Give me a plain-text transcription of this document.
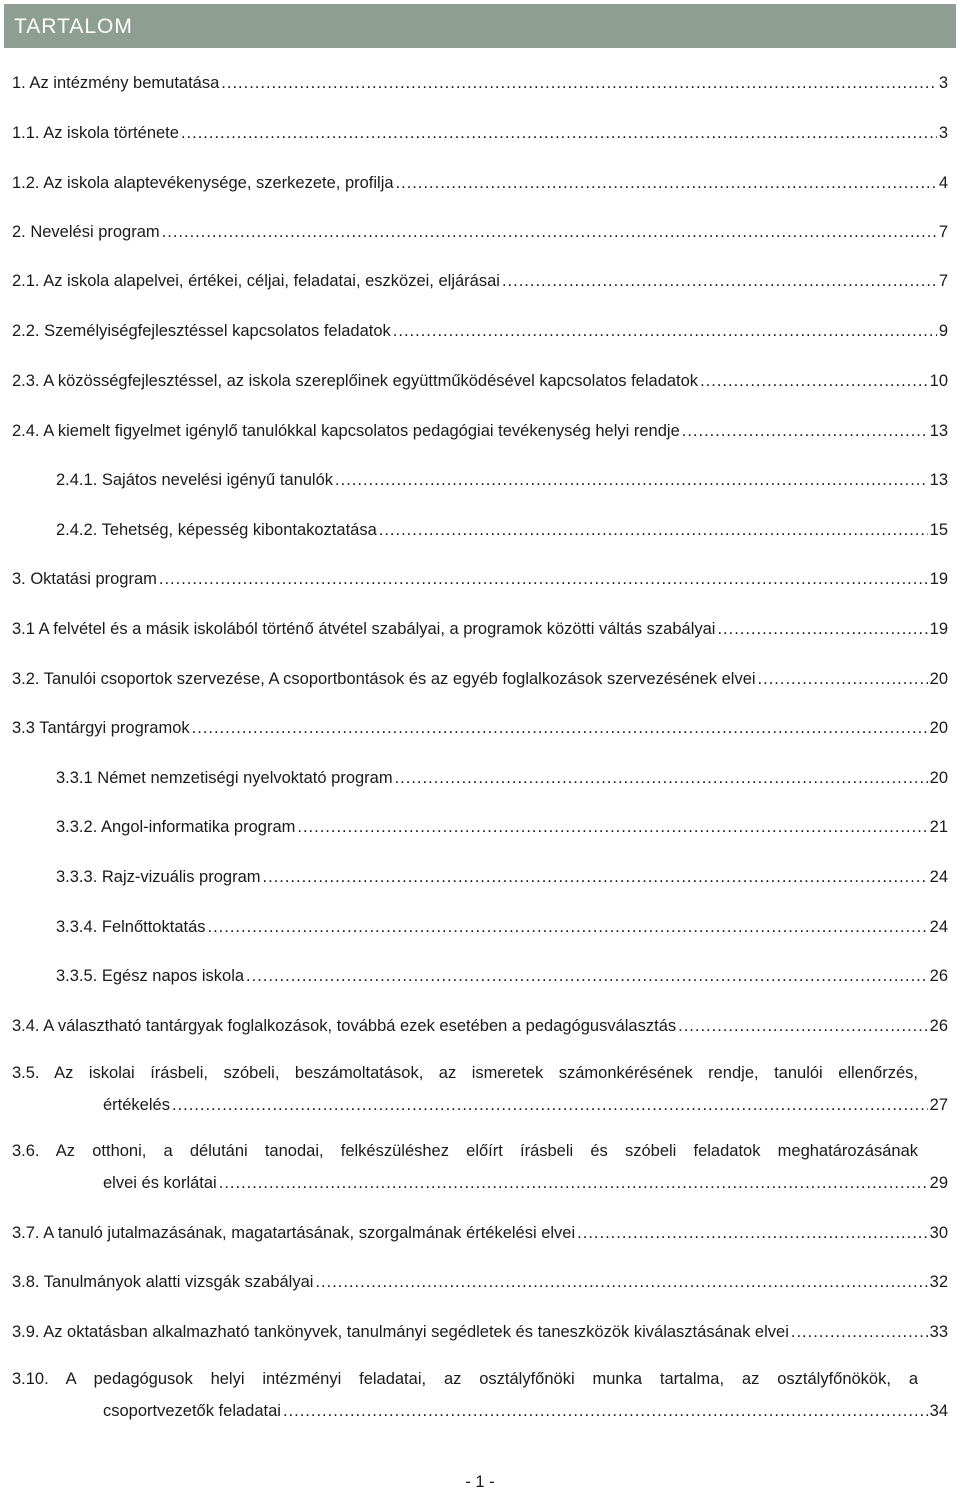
TARTALOM
1. Az intézmény bemutatása .....	3
1.1. Az iskola története .....	3
1.2. Az iskola alaptevékenysége, szerkezete, profilja .....	4
2. Nevelési program .....	7
2.1. Az iskola alapelvei, értékei, céljai, feladatai, eszközei, eljárásai .....	7
2.2. Személyiségfejlesztéssel kapcsolatos feladatok .....	9
2.3. A közösségfejlesztéssel, az iskola szereplőinek együttműködésével kapcsolatos feladatok .....	10
2.4. A kiemelt figyelmet igénylő tanulókkal kapcsolatos pedagógiai tevékenység helyi rendje .....	13
2.4.1. Sajátos nevelési igényű tanulók .....	13
2.4.2. Tehetség, képesség kibontakoztatása .....	15
3. Oktatási program .....	19
3.1 A felvétel és a másik iskolából történő átvétel szabályai, a programok közötti váltás szabályai .....	19
3.2. Tanulói csoportok szervezése, A csoportbontások és az egyéb foglalkozások szervezésének elvei .....	20
3.3 Tantárgyi programok .....	20
3.3.1 Német nemzetiségi nyelvoktató program .....	20
3.3.2. Angol-informatika program .....	21
3.3.3. Rajz-vizuális program .....	24
3.3.4. Felnőttoktatás .....	24
3.3.5. Egész napos iskola .....	26
3.4. A választható tantárgyak foglalkozások, továbbá ezek esetében a pedagógusválasztás .....	26
3.5. Az iskolai írásbeli, szóbeli, beszámoltatások, az ismeretek számonkérésének rendje, tanulói ellenőrzés,
értékelés .....	27
3.6. Az otthoni, a délutáni tanodai, felkészüléshez előírt írásbeli és szóbeli feladatok meghatározásának
elvei és korlátai .....	29
3.7. A tanuló jutalmazásának, magatartásának, szorgalmának értékelési elvei .....	30
3.8. Tanulmányok alatti vizsgák szabályai .....	32
3.9. Az oktatásban alkalmazható tankönyvek, tanulmányi segédletek és taneszközök kiválasztásának elvei .....	33
3.10. A pedagógusok helyi intézményi feladatai, az osztályfőnöki munka tartalma, az osztályfőnökök, a
csoportvezetők feladatai .....	34
- 1 -
